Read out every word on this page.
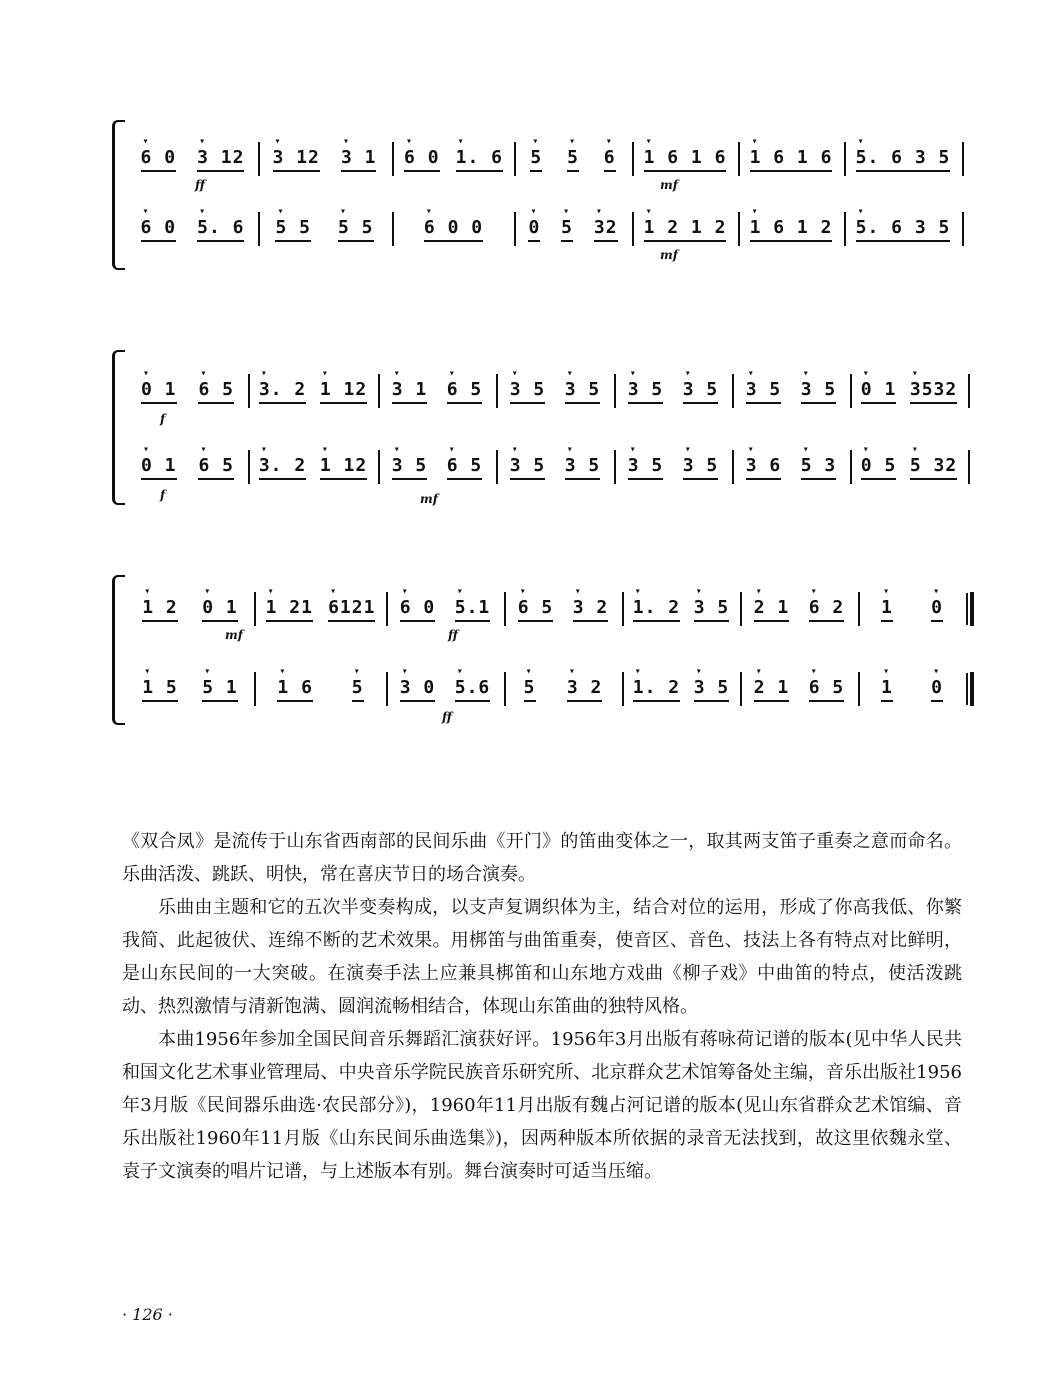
▾ 6 0 ▾ 3 12 ▾ 3 12 ▾ 3 1 ▾ 6 0 ▾ 1. 6 ▾ 5 ▾ 5 ▾ 6 ▾ 1 6 1 6 ▾ 1 6 1 6 ▾ 5. 6 3 5
ff	mf
▾ 6 0 ▾ 5. 6 ▾ 5 5 ▾ 5 5	▾ 6 0 0	▾ 0 ▾ 5 ▾ 32 ▾ 1 2 1 2 ▾ 1 6 1 2 ▾ 5. 6 3 5
mf
▾ 0 1 ▾ 6 5 ▾ 3. 2 ▾ 1 12 ▾ 3 1 ▾ 6 5 ▾ 3 5 ▾ 3 5 ▾ 3 5 ▾ 3 5 ▾ 3 5 ▾ 3 5 ▾ 0 1 ▾ 3532
f
▾ 0 1 ▾ 6 5 ▾ 3. 2 ▾ 1 12 ▾ 3 5 ▾ 6 5 ▾ 3 5 ▾ 3 5 ▾ 3 5 ▾ 3 5 ▾ 3 6 ▾ 5 3 ▾ 0 5 ▾ 5 32
f	mf
▾ 1 2 ▾ 0 1 ▾ 1 21 ▾ 6121 ▾ 6 0 ▾ 5.1 ▾ 6 5 ▾ 3 2 ▾ 1. 2 ▾ 3 5 ▾ 2 1 ▾ 6 2 ▾ 1 ▾ 0
mf	ff
▾ 1 5 ▾ 5 1 ▾ 1 6 ▾ 5 ▾ 3 0 ▾ 5.6 ▾ 5 ▾ 3 2 ▾ 1. 2 ▾ 3 5 ▾ 2 1 ▾ 6 5 ▾ 1 ▾ 0
ff

《双合凤》是流传于山东省西南部的民间乐曲《开门》的笛曲变体之一，取其两支笛子重奏之意而命名。乐曲活泼、跳跃、明快，常在喜庆节日的场合演奏。

乐曲由主题和它的五次半变奏构成，以支声复调织体为主，结合对位的运用，形成了你高我低、你繁我简、此起彼伏、连绵不断的艺术效果。用梆笛与曲笛重奏，使音区、音色、技法上各有特点对比鲜明，是山东民间的一大突破。在演奏手法上应兼具梆笛和山东地方戏曲《柳子戏》中曲笛的特点，使活泼跳动、热烈激情与清新饱满、圆润流畅相结合，体现山东笛曲的独特风格。

本曲1956年参加全国民间音乐舞蹈汇演获好评。1956年3月出版有蒋咏荷记谱的版本(见中华人民共和国文化艺术事业管理局、中央音乐学院民族音乐研究所、北京群众艺术馆筹备处主编，音乐出版社1956年3月版《民间器乐曲选·农民部分》)，1960年11月出版有魏占河记谱的版本(见山东省群众艺术馆编、音乐出版社1960年11月版《山东民间乐曲选集》)，因两种版本所依据的录音无法找到，故这里依魏永堂、袁子文演奏的唱片记谱，与上述版本有别。舞台演奏时可适当压缩。

· 126 ·
